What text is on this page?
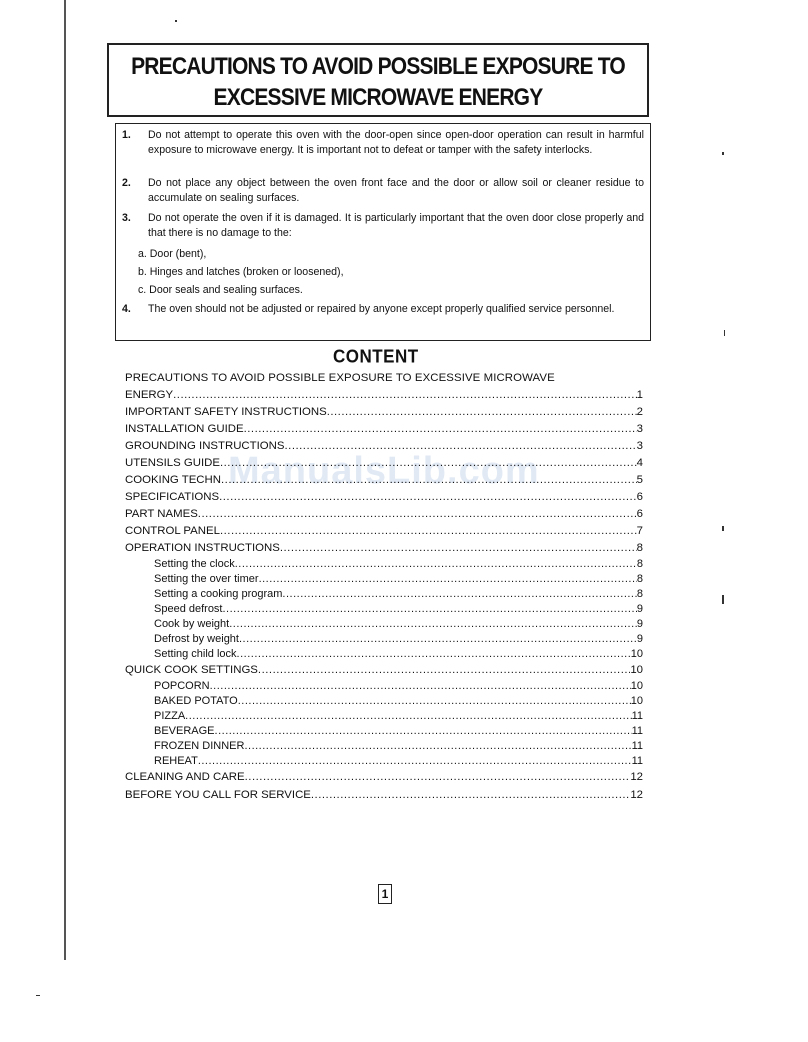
PRECAUTIONS TO AVOID POSSIBLE EXPOSURE TO
EXCESSIVE MICROWAVE ENERGY
1. Do not attempt to operate this oven with the door-open since open-door operation can result in harmful exposure to microwave energy. It is important not to defeat or tamper with the safety interlocks.
2. Do not place any object between the oven front face and the door or allow soil or cleaner residue to accumulate on sealing surfaces.
3. Do not operate the oven if it is damaged. It is particularly important that the oven door close properly and that there is no damage to the:
a. Door (bent),
b. Hinges and latches (broken or loosened),
c. Door seals and sealing surfaces.
4. The oven should not be adjusted or repaired by anyone except properly qualified service personnel.
CONTENT
ManualsLib.com
PRECAUTIONS TO AVOID POSSIBLE EXPOSURE TO EXCESSIVE MICROWAVE
ENERGY .....	1
IMPORTANT SAFETY INSTRUCTIONS .....	2
INSTALLATION GUIDE .....	3
GROUNDING INSTRUCTIONS .....	3
UTENSILS GUIDE .....	4
COOKING TECHN .....	5
SPECIFICATIONS .....	6
PART NAMES .....	6
CONTROL PANEL .....	7
OPERATION INSTRUCTIONS .....	8
Setting the clock .....	8
Setting the over timer .....	8
Setting a cooking program .....	8
Speed defrost .....	9
Cook by weight .....	9
Defrost by weight .....	9
Setting child lock .....	10
QUICK COOK SETTINGS .....	10
POPCORN .....	10
BAKED POTATO .....	10
PIZZA .....	11
BEVERAGE .....	11
FROZEN DINNER .....	11
REHEAT .....	11
CLEANING AND CARE .....	12
BEFORE YOU CALL FOR SERVICE .....	12
1
